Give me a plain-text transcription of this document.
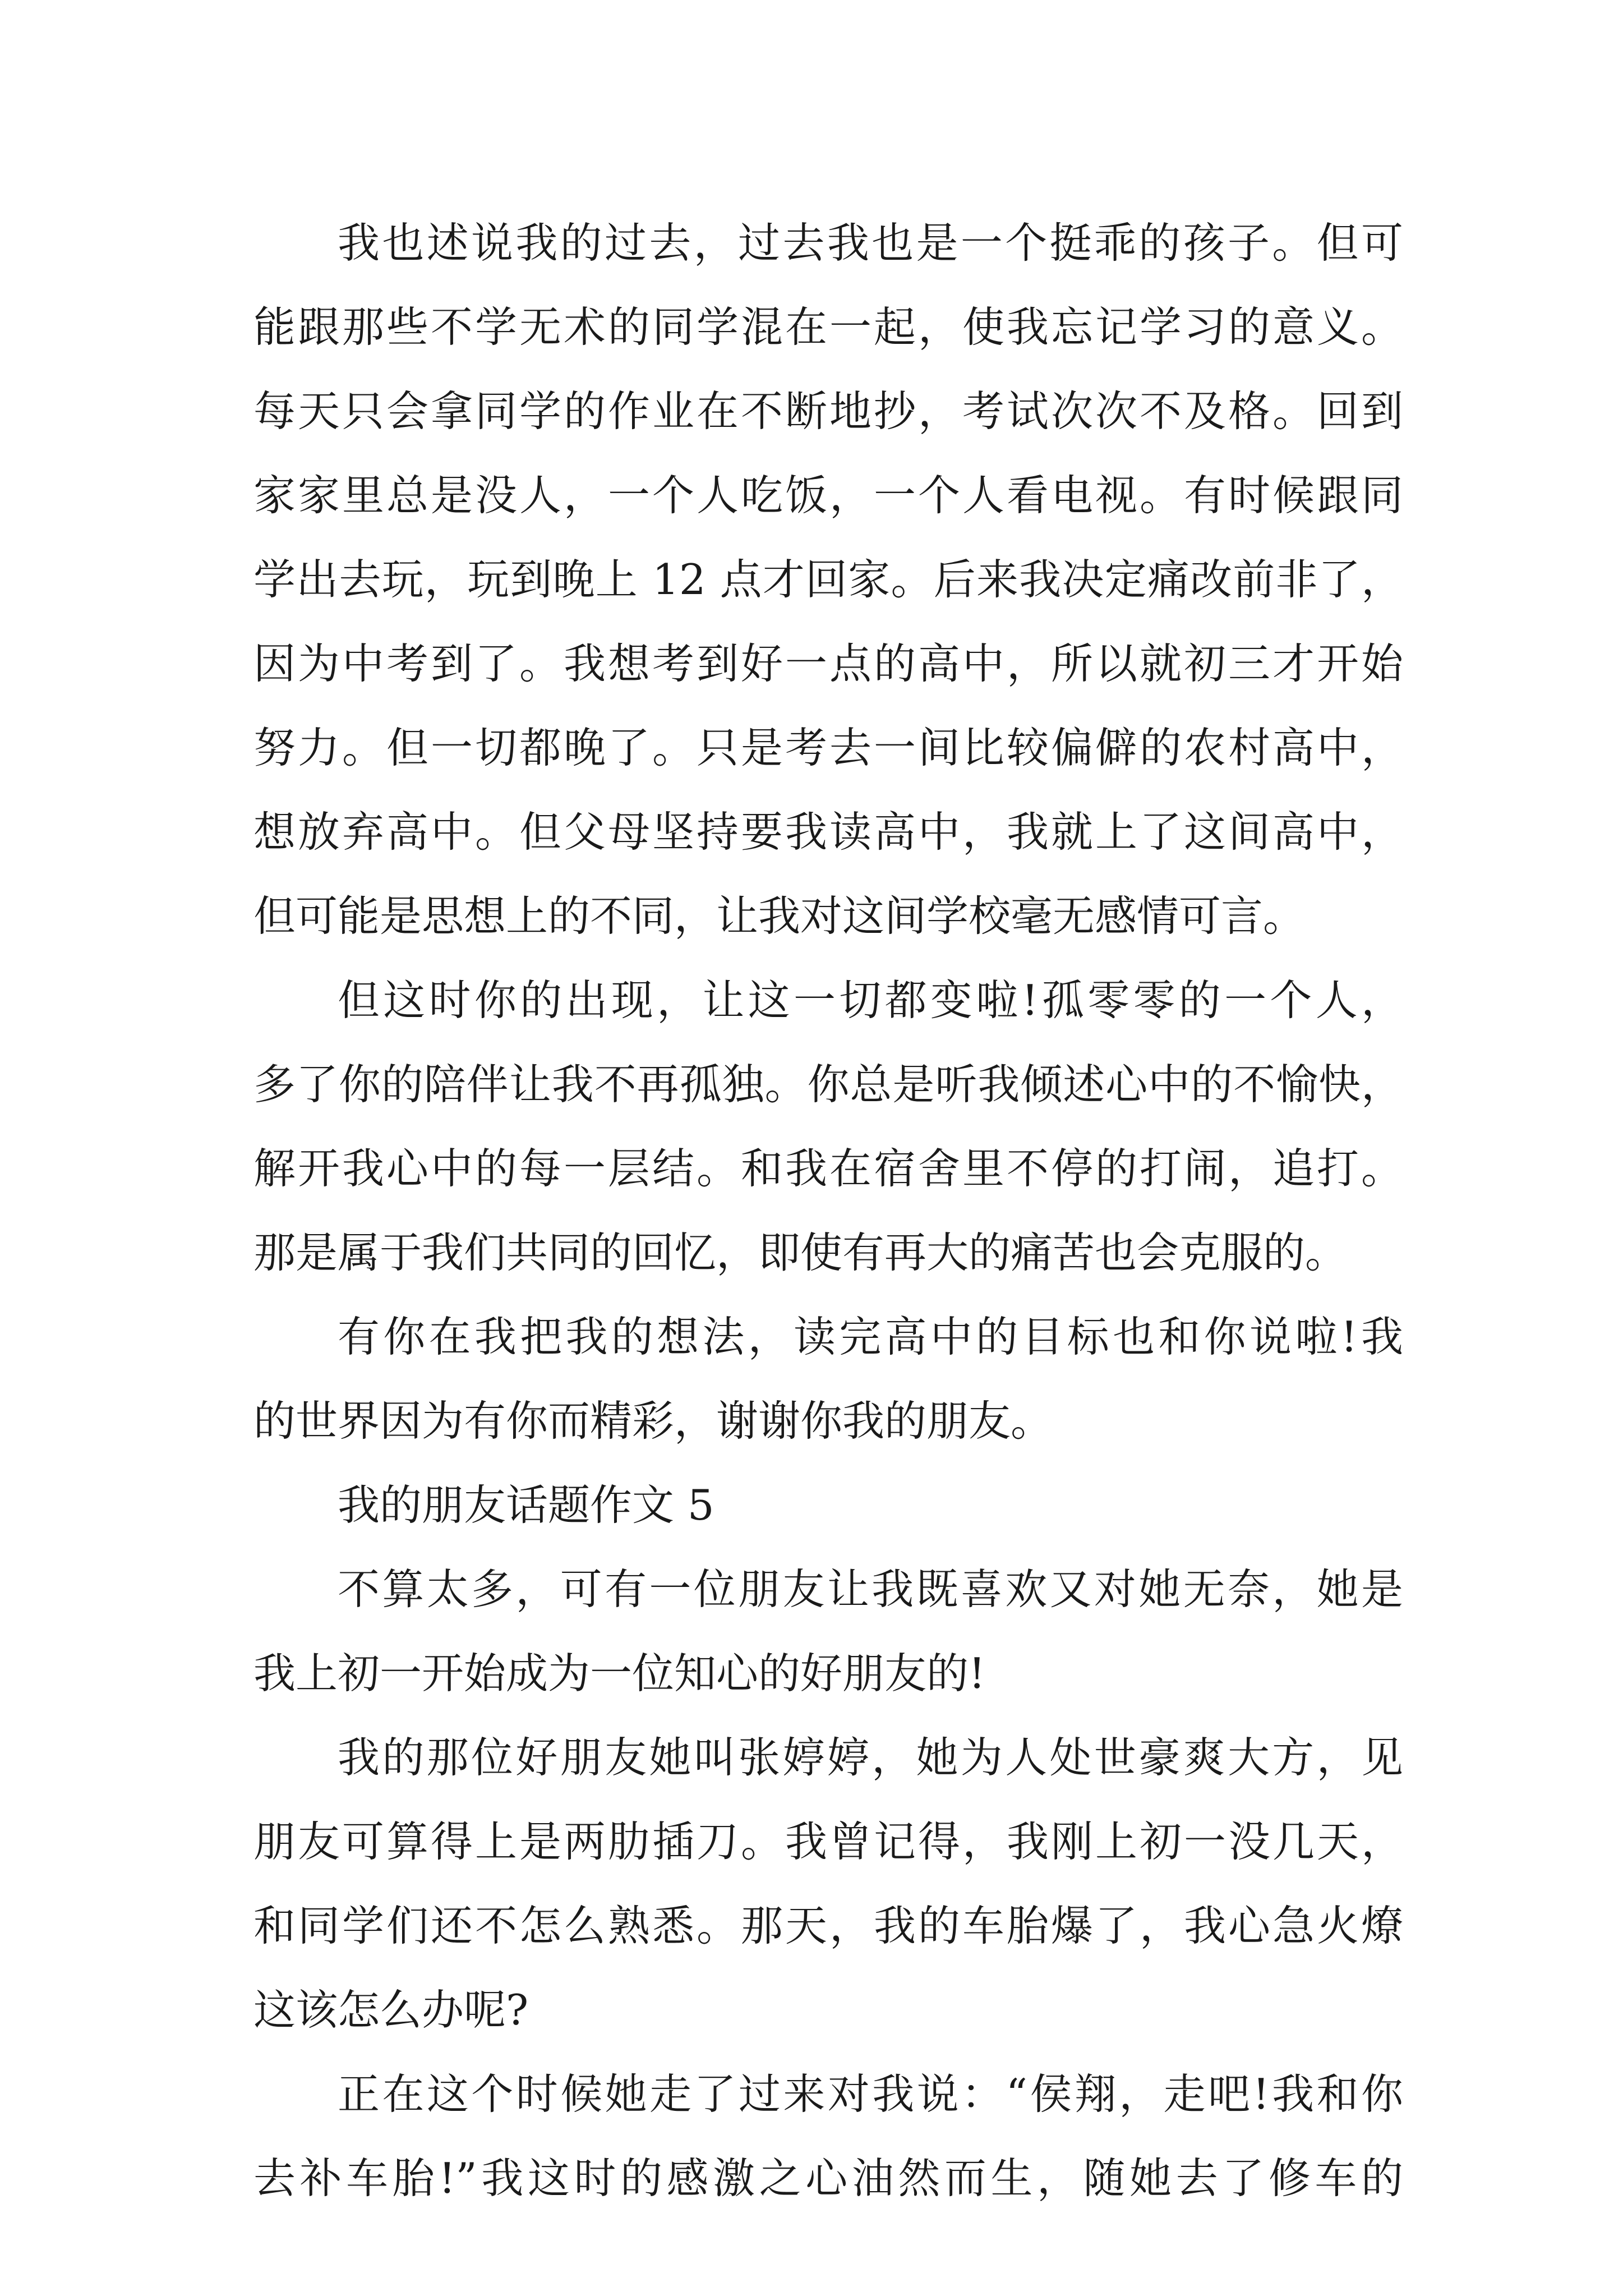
我也述说我的过去，过去我也是一个挺乖的孩子。但可
能跟那些不学无术的同学混在一起，使我忘记学习的意义。
每天只会拿同学的作业在不断地抄，考试次次不及格。回到
家家里总是没人，一个人吃饭，一个人看电视。有时候跟同
学出去玩，玩到晚上 12 点才回家。后来我决定痛改前非了，
因为中考到了。我想考到好一点的高中，所以就初三才开始
努力。但一切都晚了。只是考去一间比较偏僻的农村高中，
想放弃高中。但父母坚持要我读高中，我就上了这间高中，
但可能是思想上的不同，让我对这间学校毫无感情可言。
但这时你的出现，让这一切都变啦!孤零零的一个人，
多了你的陪伴让我不再孤独。你总是听我倾述心中的不愉快，
解开我心中的每一层结。和我在宿舍里不停的打闹，追打。
那是属于我们共同的回忆，即使有再大的痛苦也会克服的。
有你在我把我的想法，读完高中的目标也和你说啦!我
的世界因为有你而精彩，谢谢你我的朋友。
我的朋友话题作文 5
不算太多，可有一位朋友让我既喜欢又对她无奈，她是
我上初一开始成为一位知心的好朋友的!
我的那位好朋友她叫张婷婷，她为人处世豪爽大方，见
朋友可算得上是两肋插刀。我曾记得，我刚上初一没几天，
和同学们还不怎么熟悉。那天，我的车胎爆了，我心急火燎
这该怎么办呢?
正在这个时候她走了过来对我说：“侯翔，走吧!我和你
去补车胎!”我这时的感激之心油然而生，随她去了修车的
